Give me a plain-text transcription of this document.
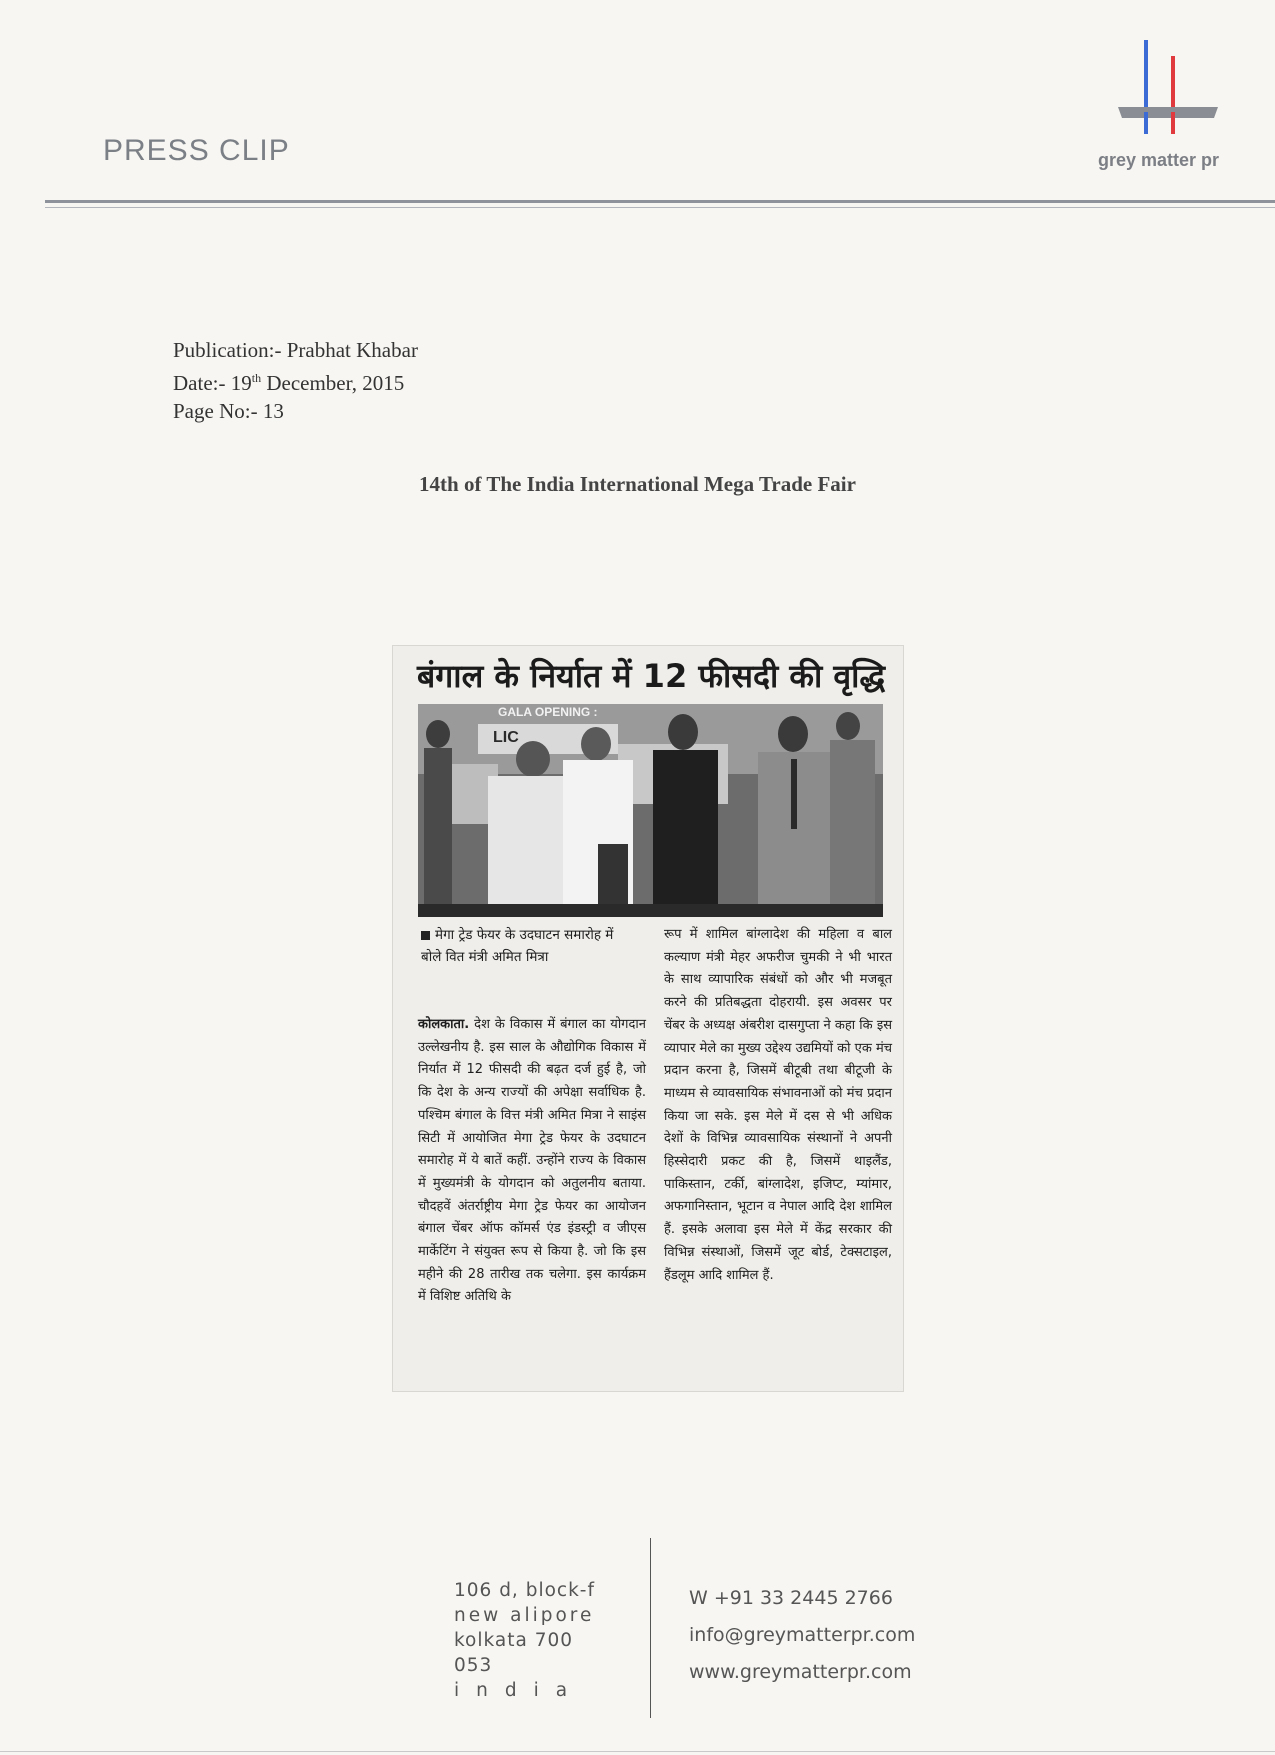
PRESS CLIP	grey matter pr
Publication:- Prabhat Khabar
Date:- 19th December, 2015
Page No:- 13
14th of The India International Mega Trade Fair
बंगाल के निर्यात में 12 फीसदी की वृद्धि
GALA OPENING :
LIC
मेगा ट्रेड फेयर के उदघाटन समारोह में बोले वित मंत्री अमित मित्रा
कोलकाता. देश के विकास में बंगाल का योगदान उल्लेखनीय है. इस साल के औद्योगिक विकास में निर्यात में 12 फीसदी की बढ़त दर्ज हुई है, जो कि देश के अन्य राज्यों की अपेक्षा सर्वाधिक है. पश्चिम बंगाल के वित्त मंत्री अमित मित्रा ने साइंस सिटी में आयोजित मेगा ट्रेड फेयर के उदघाटन समारोह में ये बातें कहीं. उन्होंने राज्य के विकास में मुख्यमंत्री के योगदान को अतुलनीय बताया. चौदहवें अंतर्राष्ट्रीय मेगा ट्रेड फेयर का आयोजन बंगाल चेंबर ऑफ कॉमर्स एंड इंडस्ट्री व जीएस मार्केटिंग ने संयुक्त रूप से किया है. जो कि इस महीने की 28 तारीख तक चलेगा. इस कार्यक्रम में विशिष्ट अतिथि के
रूप में शामिल बांग्लादेश की महिला व बाल कल्याण मंत्री मेहर अफरीज चुमकी ने भी भारत के साथ व्यापारिक संबंधों को और भी मजबूत करने की प्रतिबद्धता दोहरायी. इस अवसर पर चेंबर के अध्यक्ष अंबरीश दासगुप्ता ने कहा कि इस व्यापार मेले का मुख्य उद्देश्य उद्यमियों को एक मंच प्रदान करना है, जिसमें बीटूबी तथा बीटूजी के माध्यम से व्यावसायिक संभावनाओं को मंच प्रदान किया जा सके. इस मेले में दस से भी अधिक देशों के विभिन्न व्यावसायिक संस्थानों ने अपनी हिस्सेदारी प्रकट की है, जिसमें थाइलैंड, पाकिस्तान, टर्की, बांग्लादेश, इजिप्ट, म्यांमार, अफगानिस्तान, भूटान व नेपाल आदि देश शामिल हैं. इसके अलावा इस मेले में केंद्र सरकार की विभिन्न संस्थाओं, जिसमें जूट बोर्ड, टेक्सटाइल, हैंडलूम आदि शामिल हैं.
106 d, block-f
new alipore
kolkata 700 053
india
W +91 33 2445 2766
info@greymatterpr.com
www.greymatterpr.com
